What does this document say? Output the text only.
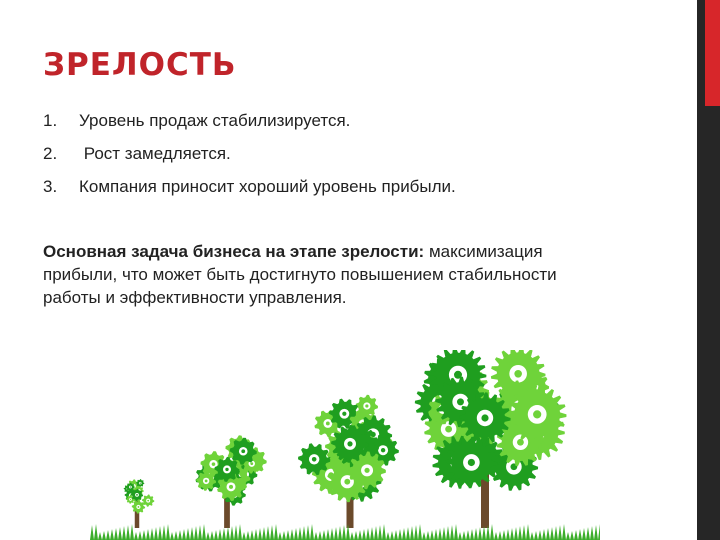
ЗРЕЛОСТЬ
1.	Уровень продаж стабилизируется.
2.	Рост замедляется.
3.	Компания приносит хороший уровень прибыли.
Основная задача бизнеса на этапе зрелости: максимизация прибыли, что может быть достигнуто повышением стабильности работы и эффективности управления.
